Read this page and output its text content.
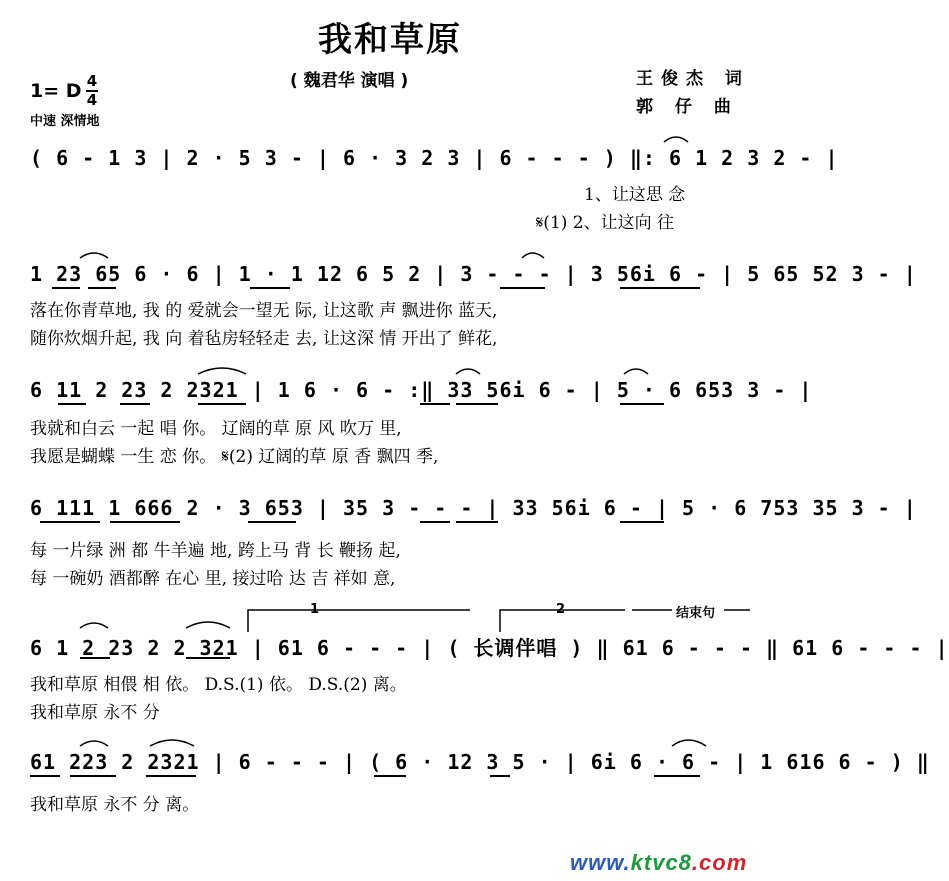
我和草原
( 魏君华 演唱 )	王俊杰 词
郭 仔 曲
1= D 4
4
中速 深情地
( 6 - 1 3 | 2 · 5 3 - | 6 · 3 2 3 | 6 - - - ) ‖: 6 1 2 3 2 - |
1、让这思 念
𝄋(1) 2、让这向 往
1 23 65 6 · 6 | 1 · 1 12 6 5 2 | 3 - - - | 3 56i 6 - | 5 65 52 3 - |
落在你青草地, 我 的 爱就会一望无 际, 让这歌 声 飘进你 蓝天,
随你炊烟升起, 我 向 着毡房轻轻走 去, 让这深 情 开出了 鲜花,
6 11 2 23 2 2321 | 1 6 · 6 - :‖ 33 56i 6 - | 5 · 6 653 3 - |
我就和白云 一起 唱 你。 辽阔的草 原 风 吹万 里,
我愿是蝴蝶 一生 恋 你。 𝄋(2) 辽阔的草 原 香 飘四 季,
6 111 1 666 2 · 3 653 | 35 3 - - - | 33 56i 6 - | 5 · 6 753 35 3 - |
每 一片绿 洲 都 牛羊遍 地, 跨上马 背 长 鞭扬 起,
每 一碗奶 酒都醉 在心 里, 接过哈 达 吉 祥如 意,
1	2	结束句
6 1 2 23 2 2 321 | 61 6 - - - | ( 长调伴唱 ) ‖ 61 6 - - - ‖ 61 6 - - - |
我和草原 相偎 相 依。 D.S.(1) 依。 D.S.(2) 离。
我和草原 永不 分
61 223 2 2321 | 6 - - - | ( 6 · 12 3 5 · | 6i 6 · 6 - | 1 616 6 - ) ‖
我和草原 永不 分 离。
www.ktvc8.com
